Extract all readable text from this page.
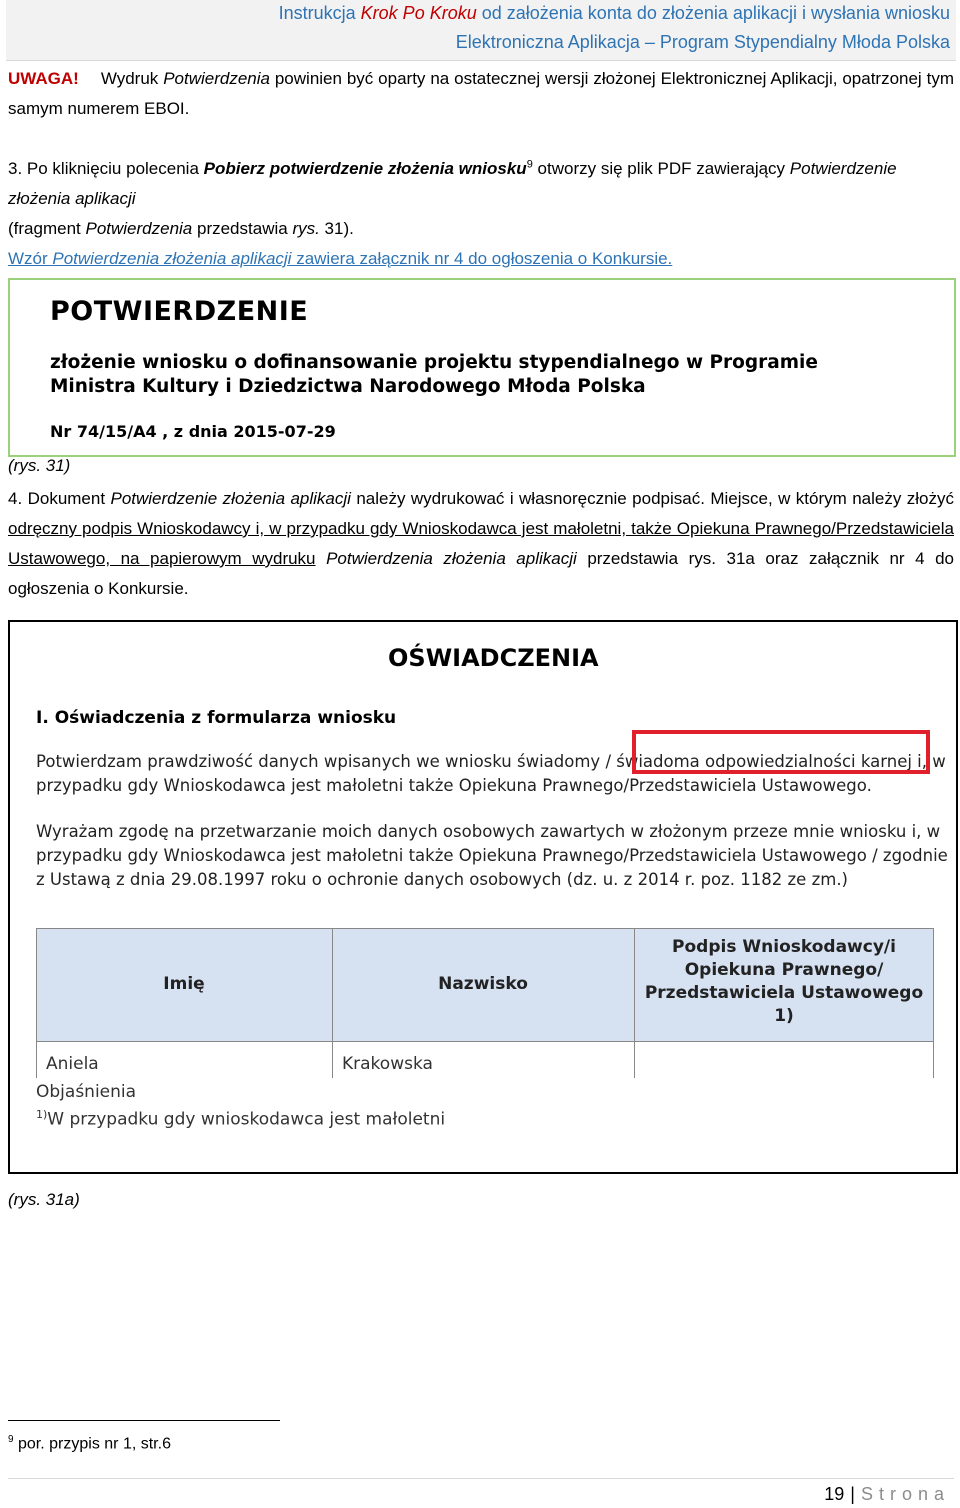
Instrukcja Krok Po Kroku od założenia konta do złożenia aplikacji i wysłania wniosku
Elektroniczna Aplikacja – Program Stypendialny Młoda Polska
UWAGA! Wydruk Potwierdzenia powinien być oparty na ostatecznej wersji złożonej Elektronicznej Aplikacji, opatrzonej tym samym numerem EBOI.
3. Po kliknięciu polecenia Pobierz potwierdzenie złożenia wniosku$^9$ otworzy się plik PDF zawierający Potwierdzenie złożenia aplikacji
(fragment Potwierdzenia przedstawia rys. 31).
Wzór Potwierdzenia złożenia aplikacji zawiera załącznik nr 4 do ogłoszenia o Konkursie.
POTWIERDZENIE
złożenie wniosku o dofinansowanie projektu stypendialnego w Programie
Ministra Kultury i Dziedzictwa Narodowego Młoda Polska
Nr 74/15/A4 , z dnia 2015-07-29
(rys. 31)
4. Dokument Potwierdzenie złożenia aplikacji należy wydrukować i własnoręcznie podpisać. Miejsce, w którym należy złożyć odręczny podpis Wnioskodawcy i, w przypadku gdy Wnioskodawca jest małoletni, także Opiekuna Prawnego/Przedstawiciela Ustawowego, na papierowym wydruku Potwierdzenia złożenia aplikacji przedstawia rys. 31a oraz załącznik nr 4 do ogłoszenia o Konkursie.
OŚWIADCZENIA
I. Oświadczenia z formularza wniosku
Potwierdzam prawdziwość danych wpisanych we wniosku świadomy / świadoma odpowiedzialności karnej i, w
przypadku gdy Wnioskodawca jest małoletni także Opiekuna Prawnego/Przedstawiciela Ustawowego.
Wyrażam zgodę na przetwarzanie moich danych osobowych zawartych w złożonym przeze mnie wniosku i, w
przypadku gdy Wnioskodawca jest małoletni także Opiekuna Prawnego/Przedstawiciela Ustawowego / zgodnie
z Ustawą z dnia 29.08.1997 roku o ochronie danych osobowych (dz. u. z 2014 r. poz. 1182 ze zm.)
Imię	Nazwisko
Podpis Wnioskodawcy/i
Opiekuna Prawnego/
Przedstawiciela Ustawowego
1)
Aniela	Krakowska
Objaśnienia
$^{1)}$W przypadku gdy wnioskodawca jest małoletni
(rys. 31a)
$^9$ por. przypis nr 1, str.6
19 | Strona
